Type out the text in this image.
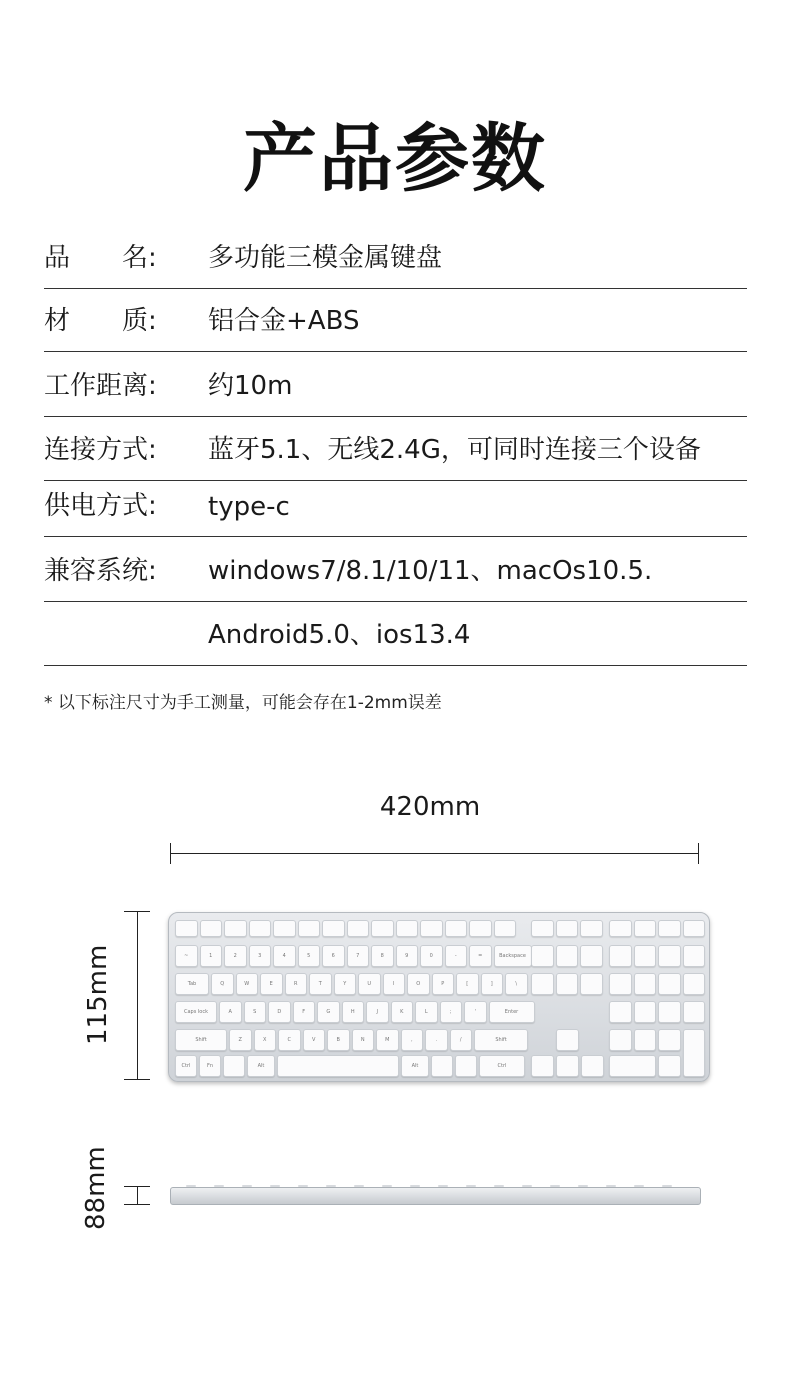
产品参数
品　　名: 多功能三模金属键盘
材　　质: 铝合金+ABS
工作距离: 约10m
连接方式: 蓝牙5.1、无线2.4G，可同时连接三个设备
供电方式: type-c
兼容系统: windows7/8.1/10/11、macOs10.5.
Android5.0、ios13.4
* 以下标注尺寸为手工测量，可能会存在1-2mm误差
420mm
115mm	~	1	2	3	4	5	6	7	8	9	0	-	=	Backspace
Tab	Q	W	E	R	T	Y	U	I	O	P	[	]	\
Caps lock	A	S	D	F	G	H	J	K	L	;	'	Enter
Shift	Z	X	C	V	B	N	M	,	.	/	Shift
Ctrl	Fn	Alt	Alt	Ctrl
88mm
